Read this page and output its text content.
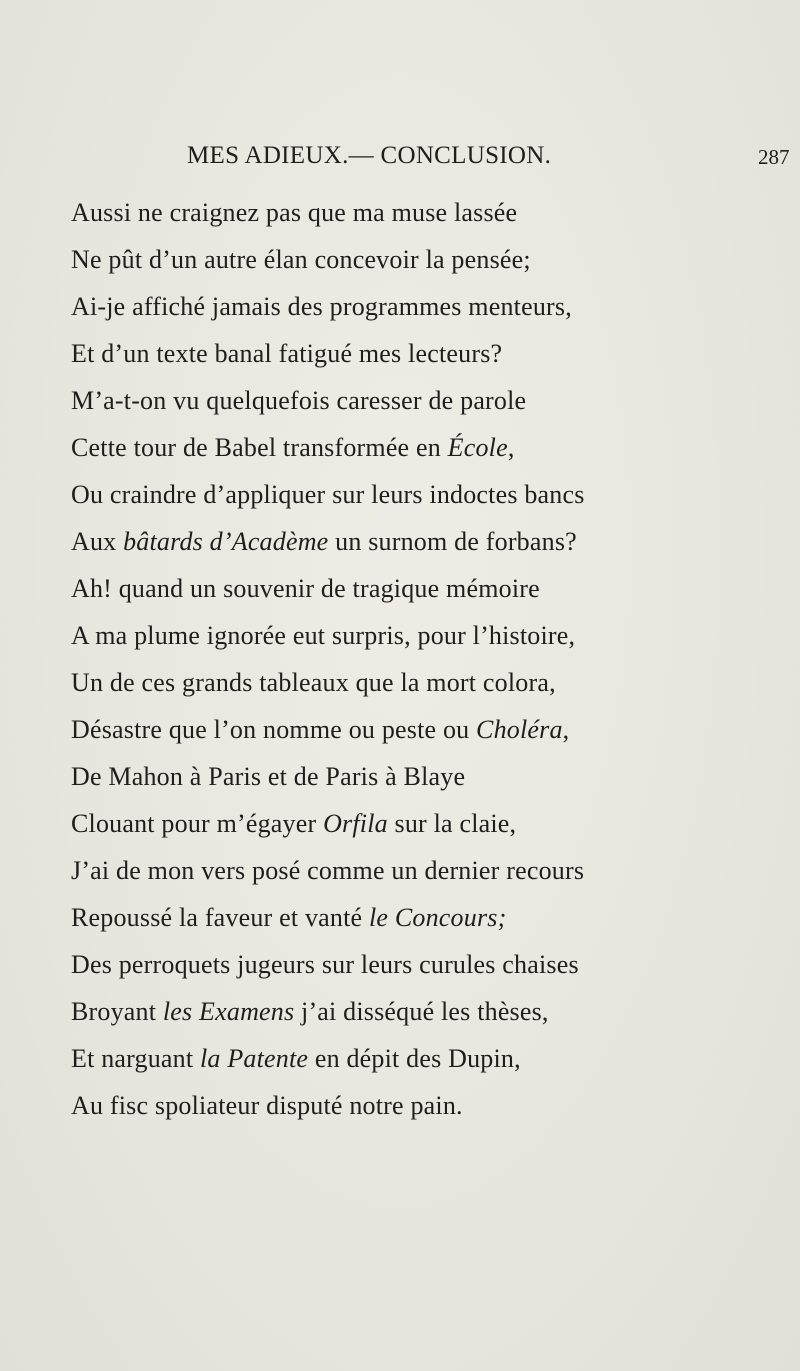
MES ADIEUX.— CONCLUSION.	287
Aussi ne craignez pas que ma muse lassée
Ne pût d’un autre élan concevoir la pensée;
Ai-je affiché jamais des programmes menteurs,
Et d’un texte banal fatigué mes lecteurs?
M’a-t-on vu quelquefois caresser de parole
Cette tour de Babel transformée en École,
Ou craindre d’appliquer sur leurs indoctes bancs
Aux bâtards d’Acadème un surnom de forbans?
Ah! quand un souvenir de tragique mémoire
A ma plume ignorée eut surpris, pour l’histoire,
Un de ces grands tableaux que la mort colora,
Désastre que l’on nomme ou peste ou Choléra,
De Mahon à Paris et de Paris à Blaye
Clouant pour m’égayer Orfila sur la claie,
J’ai de mon vers posé comme un dernier recours
Repoussé la faveur et vanté le Concours;
Des perroquets jugeurs sur leurs curules chaises
Broyant les Examens j’ai disséqué les thèses,
Et narguant la Patente en dépit des Dupin,
Au fisc spoliateur disputé notre pain.
